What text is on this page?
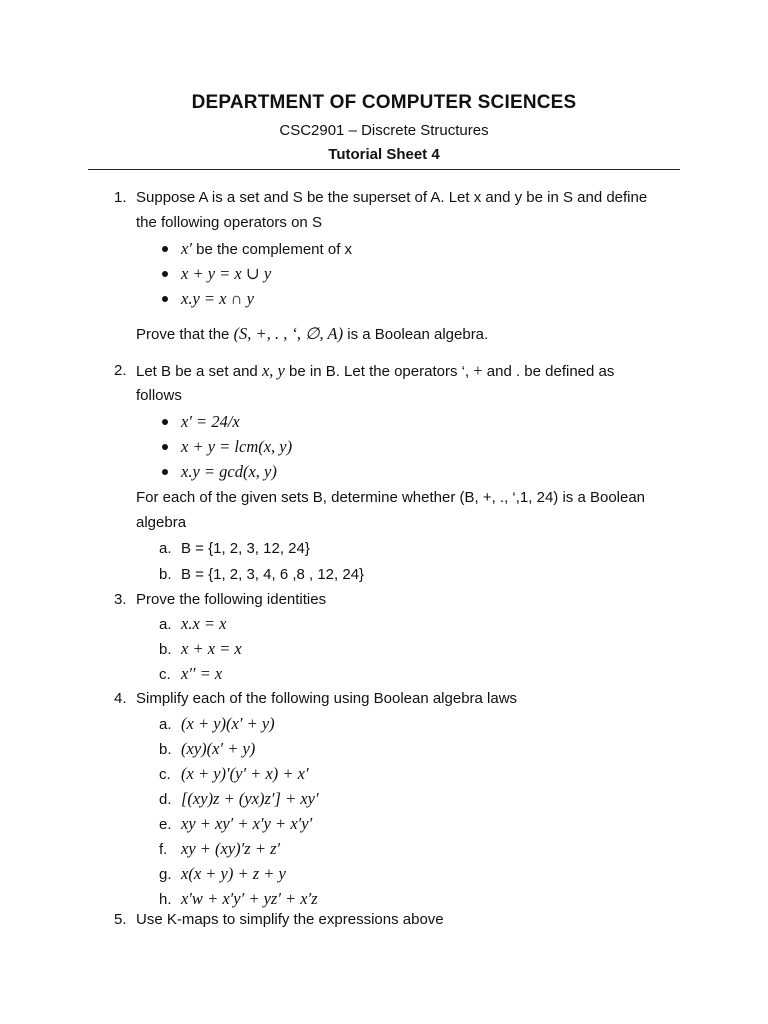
DEPARTMENT OF COMPUTER SCIENCES
CSC2901 – Discrete Structures
Tutorial Sheet 4
1. Suppose A is a set and S be the superset of A. Let x and y be in S and define
the following operators on S
x′ be the complement of x
x + y = x ∪ y
x.y = x ∩ y
Prove that the (S, +, . , ‘, ∅, A) is a Boolean algebra.
2. Let B be a set and x, y be in B. Let the operators ‘, + and . be defined as
follows
x′ = 24/x
x + y = lcm(x, y)
x.y = gcd(x, y)
For each of the given sets B, determine whether (B, +, ., ‘,1, 24) is a Boolean
algebra
a. B = {1, 2, 3, 12, 24}
b. B = {1, 2, 3, 4, 6 ,8 , 12, 24}
3. Prove the following identities
a. x.x = x
b. x + x = x
c. x′′ = x
4. Simplify each of the following using Boolean algebra laws
a. (x + y)(x′ + y)
b. (xy)(x′ + y)
c. (x + y)′(y′ + x) + x′
d. [(xy)z + (yx)z′] + xy′
e. xy + xy′ + x′y + x′y′
f. xy + (xy)′z + z′
g. x(x + y) + z + y
h. x′w + x′y′ + yz′ + x′z
5. Use K-maps to simplify the expressions above
